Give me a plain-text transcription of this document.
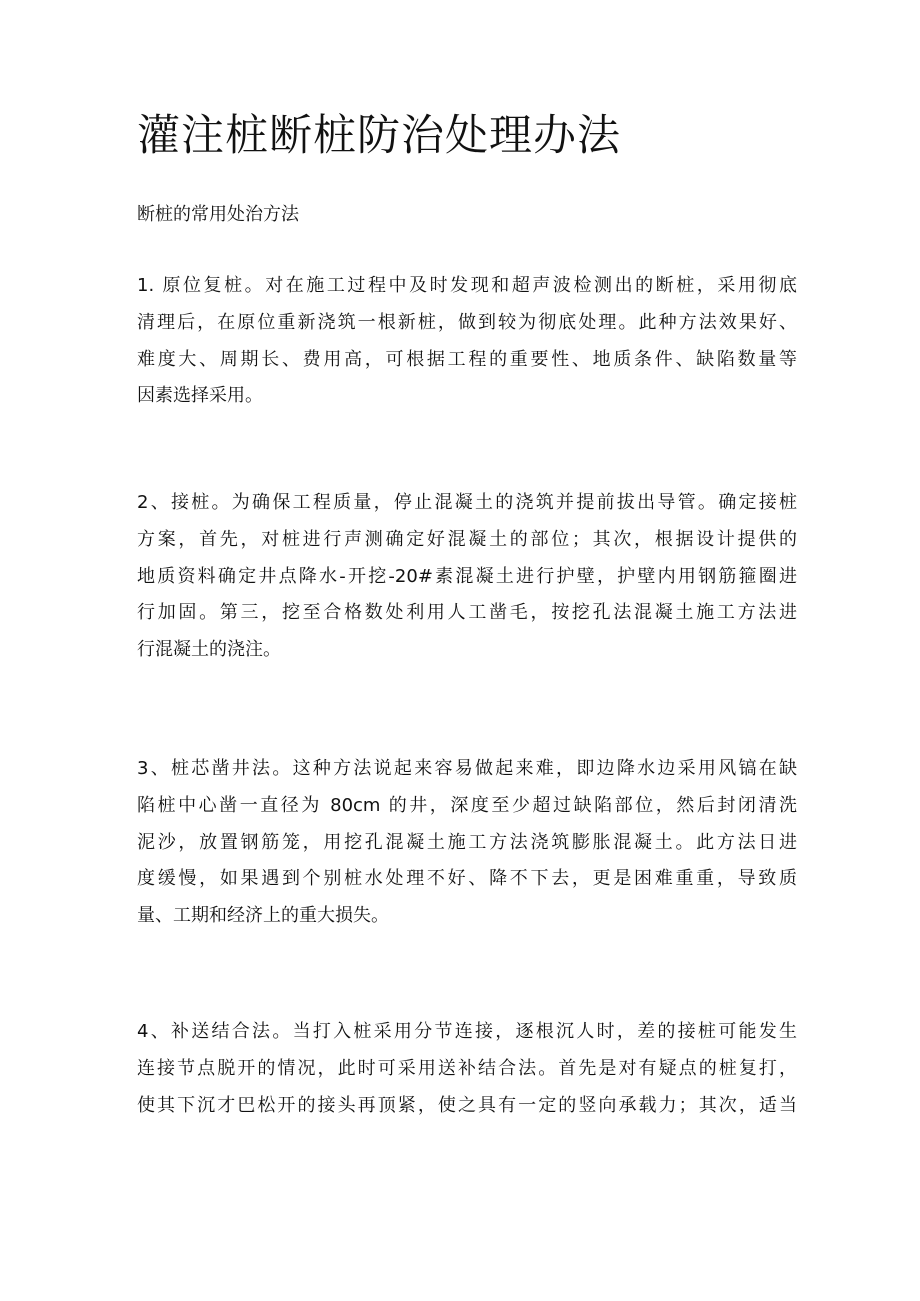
灌注桩断桩防治处理办法
断桩的常用处治方法

1. 原位复桩。对在施工过程中及时发现和超声波检测出的断桩，采用彻底
清理后，在原位重新浇筑一根新桩，做到较为彻底处理。此种方法效果好、
难度大、周期长、费用高，可根据工程的重要性、地质条件、缺陷数量等
因素选择采用。

2、接桩。为确保工程质量，停止混凝土的浇筑并提前拔出导管。确定接桩
方案，首先，对桩进行声测确定好混凝土的部位；其次，根据设计提供的
地质资料确定井点降水-开挖-20#素混凝土进行护壁，护壁内用钢筋箍圈进
行加固。第三，挖至合格数处利用人工凿毛，按挖孔法混凝土施工方法进
行混凝土的浇注。

3、桩芯凿井法。这种方法说起来容易做起来难，即边降水边采用风镐在缺
陷桩中心凿一直径为 80cm 的井，深度至少超过缺陷部位，然后封闭清洗
泥沙，放置钢筋笼，用挖孔混凝土施工方法浇筑膨胀混凝土。此方法日进
度缓慢，如果遇到个别桩水处理不好、降不下去，更是困难重重，导致质
量、工期和经济上的重大损失。

4、补送结合法。当打入桩采用分节连接，逐根沉人时，差的接桩可能发生
连接节点脱开的情况，此时可采用送补结合法。首先是对有疑点的桩复打，
使其下沉才巴松开的接头再顶紧，使之具有一定的竖向承载力；其次，适当
